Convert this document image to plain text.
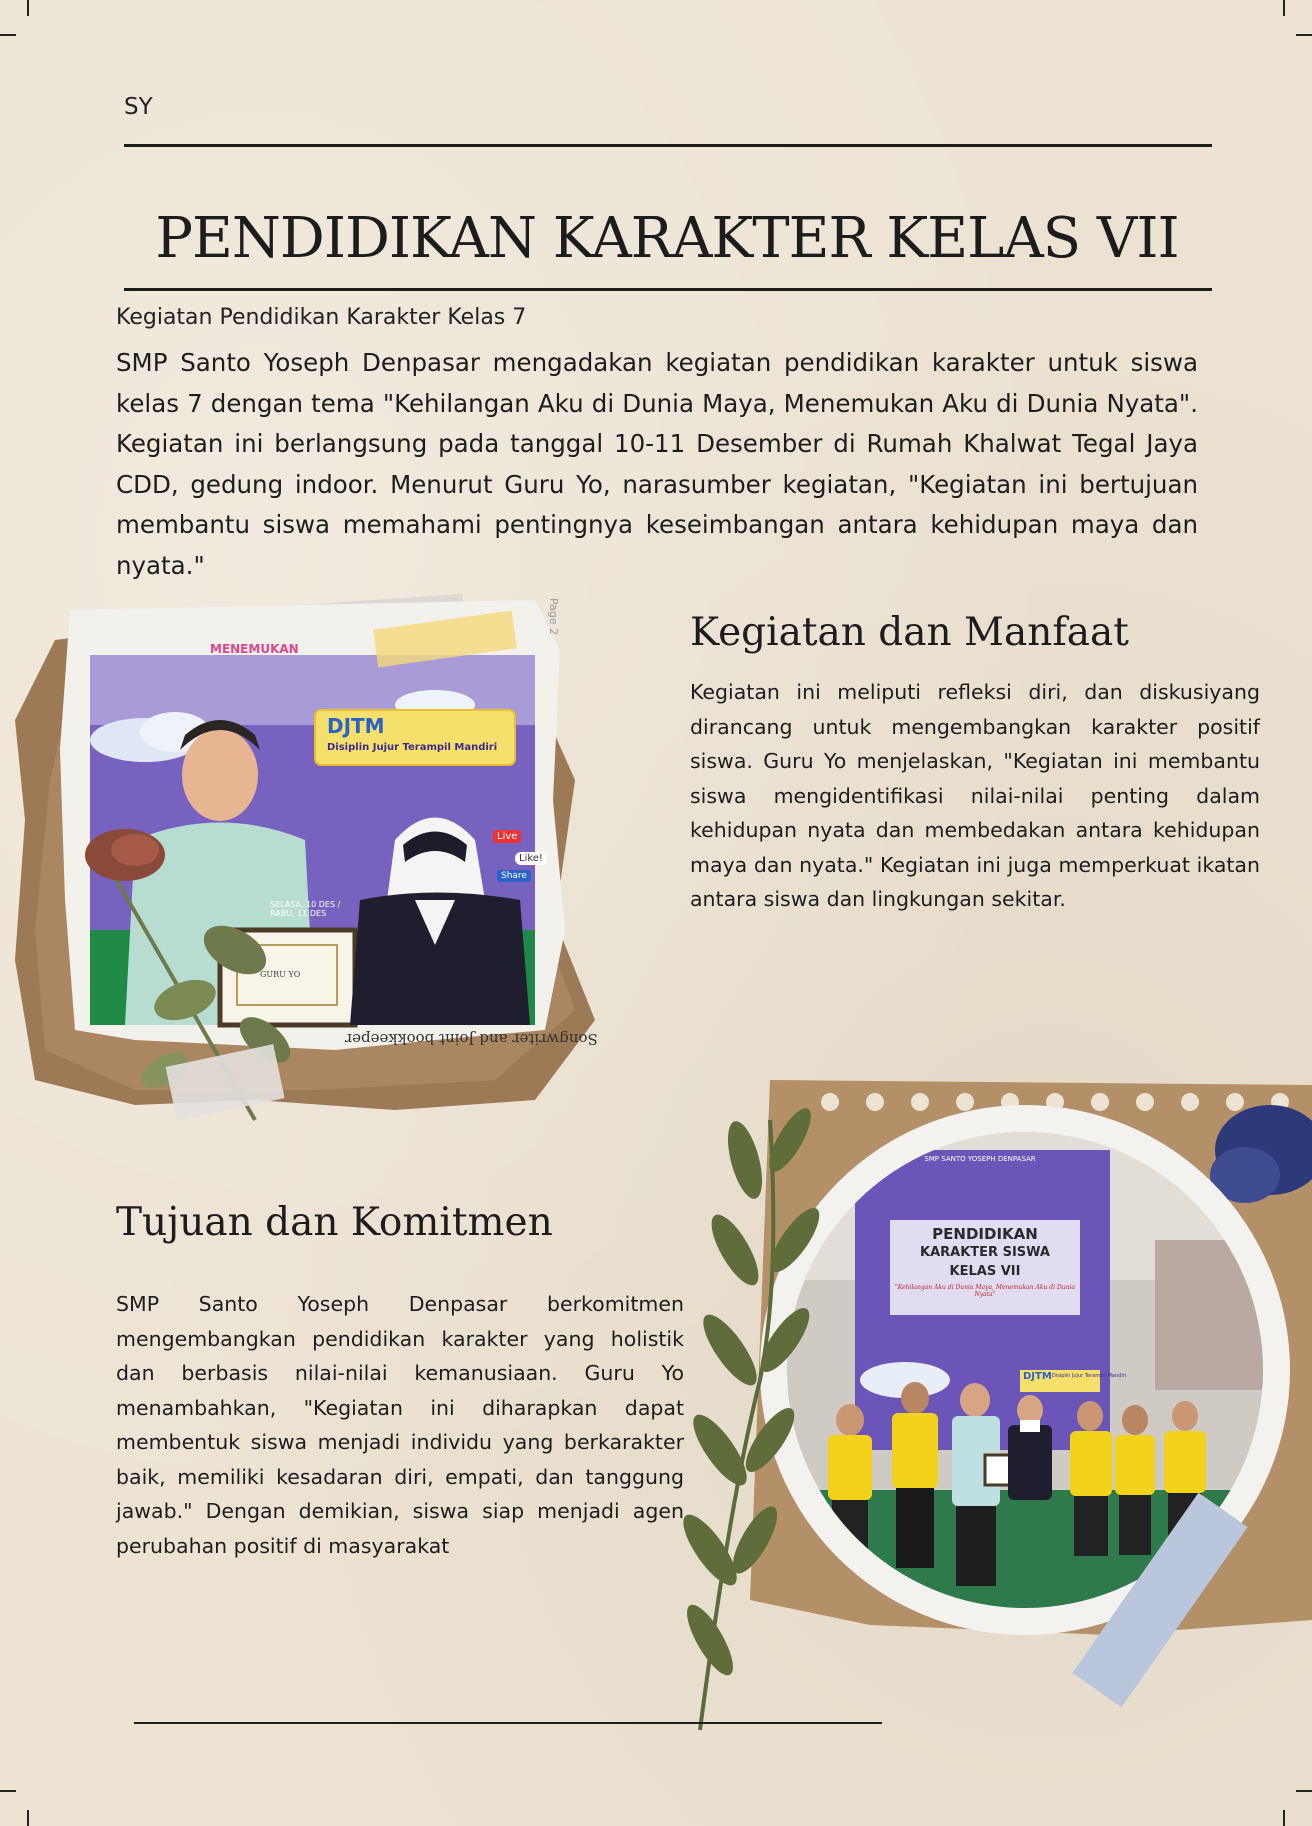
SY
PENDIDIKAN KARAKTER KELAS VII
Kegiatan Pendidikan Karakter Kelas 7

SMP Santo Yoseph Denpasar mengadakan kegiatan pendidikan karakter untuk siswa kelas 7 dengan tema "Kehilangan Aku di Dunia Maya, Menemukan Aku di Dunia Nyata". Kegiatan ini berlangsung pada tanggal 10-11 Desember di Rumah Khalwat Tegal Jaya CDD, gedung indoor. Menurut Guru Yo, narasumber kegiatan, "Kegiatan ini bertujuan membantu siswa memahami pentingnya keseimbangan antara kehidupan maya dan nyata."

MENEMUKAN
Page 2
DJTM
Disiplin Jujur Terampil Mandiri
SELASA, 10 DES / RABU, 11 DES
Live
Like!
Share
GURU YO
Songwriter and Joint bookkeeper
Kegiatan dan Manfaat

Kegiatan ini meliputi refleksi diri, dan diskusiyang dirancang untuk mengembangkan karakter positif siswa. Guru Yo menjelaskan, "Kegiatan ini membantu siswa mengidentifikasi nilai-nilai penting dalam kehidupan nyata dan membedakan antara kehidupan maya dan nyata." Kegiatan ini juga memperkuat ikatan antara siswa dan lingkungan sekitar.

Tujuan dan Komitmen

SMP Santo Yoseph Denpasar berkomitmen mengembangkan pendidikan karakter yang holistik dan berbasis nilai-nilai kemanusiaan. Guru Yo menambahkan, "Kegiatan ini diharapkan dapat membentuk siswa menjadi individu yang berkarakter baik, memiliki kesadaran diri, empati, dan tanggung jawab." Dengan demikian, siswa siap menjadi agen perubahan positif di masyarakat

SMP SANTO YOSEPH DENPASAR
PENDIDIKAN
KARAKTER SISWA
KELAS VII
"Kehilangan Aku di Dunia Maya, Menemukan Aku di Dunia Nyata"
DJTM Disiplin Jujur Terampil Mandiri
